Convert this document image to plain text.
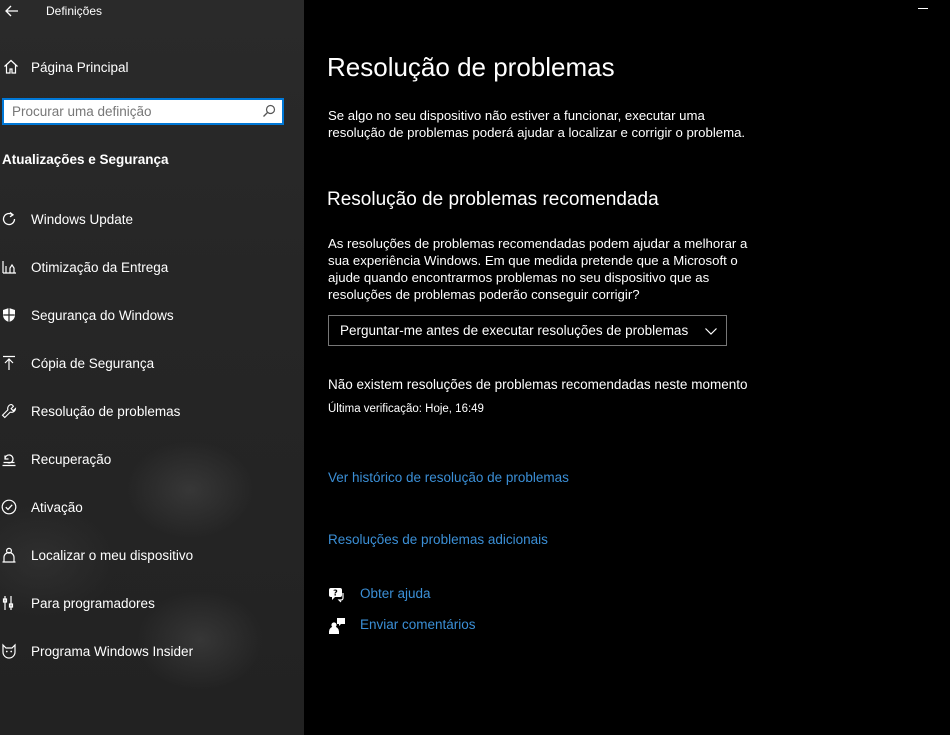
Definições
Página Principal
Procurar uma definição
Atualizações e Segurança
Windows Update
Otimização da Entrega
Segurança do Windows
Cópia de Segurança
Resolução de problemas
Recuperação
Ativação
Localizar o meu dispositivo
Para programadores
Programa Windows Insider
Resolução de problemas
Se algo no seu dispositivo não estiver a funcionar, executar uma
resolução de problemas poderá ajudar a localizar e corrigir o problema.
Resolução de problemas recomendada
As resoluções de problemas recomendadas podem ajudar a melhorar a
sua experiência Windows. Em que medida pretende que a Microsoft o
ajude quando encontrarmos problemas no seu dispositivo que as
resoluções de problemas poderão conseguir corrigir?
Perguntar-me antes de executar resoluções de problemas
Não existem resoluções de problemas recomendadas neste momento
Última verificação: Hoje, 16:49
Ver histórico de resolução de problemas
Resoluções de problemas adicionais
? Obter ajuda
Enviar comentários
